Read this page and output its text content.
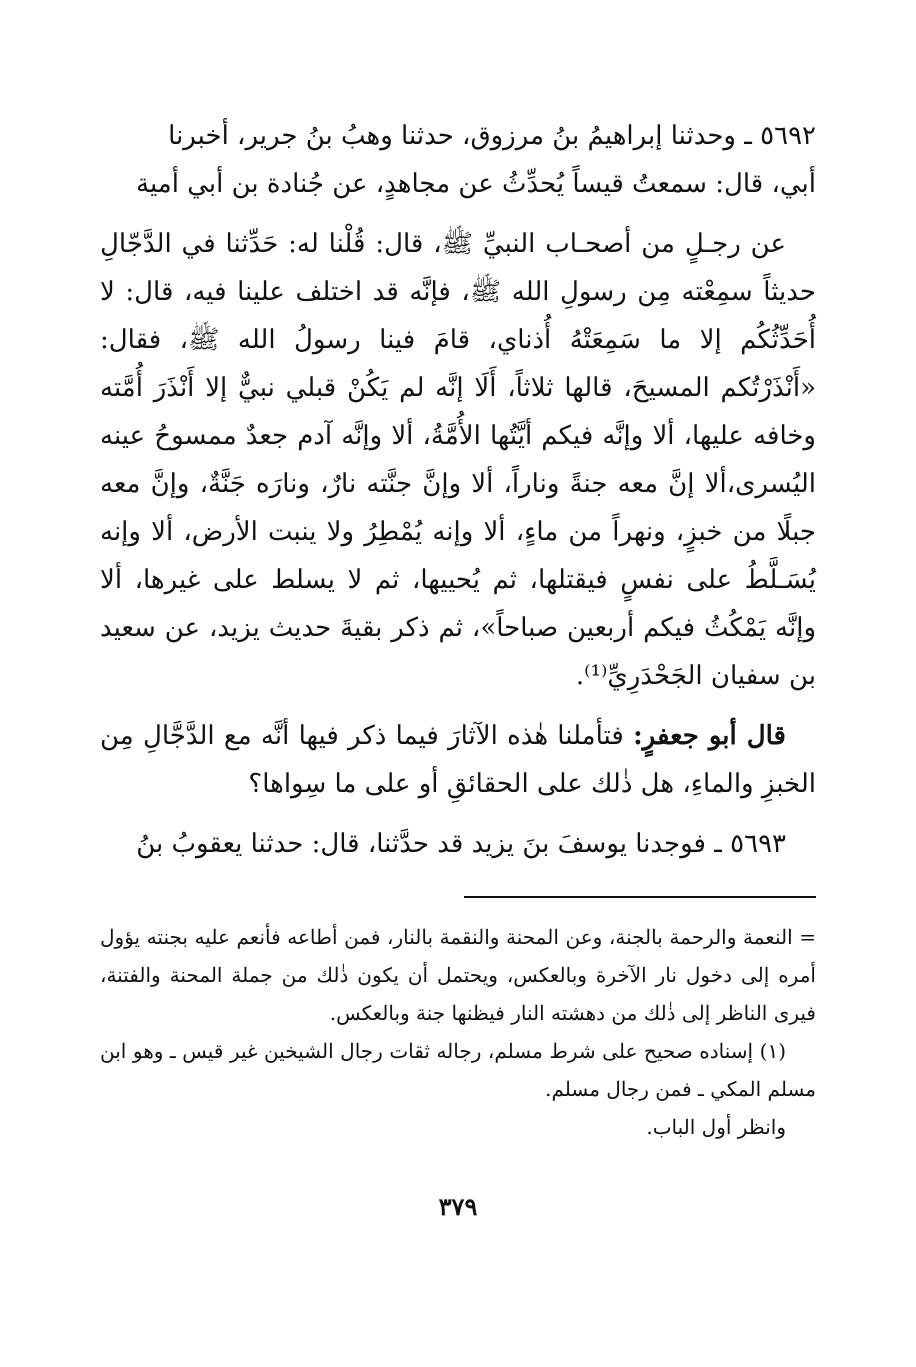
٥٦٩٢ ـ وحدثنا إبراهيمُ بنُ مرزوق، حدثنا وهبُ بنُ جرير، أخبرنا

أبي، قال: سمعتُ قيساً يُحدِّثُ عن مجاهدٍ، عن جُنادة بن أبي أمية

عن رجـلٍ من أصحـاب النبيِّ ﷺ، قال: قُلْنا له: حَدِّثنا في الدَّجّالِ حديثاً سمِعْته مِن رسولِ الله ﷺ، فإنَّه قد اختلف علينا فيه، قال: لا أُحَدِّثُكُم إلا ما سَمِعَتْهُ أُذناي، قامَ فينا رسولُ الله ﷺ، فقال: «أَنْذَرْتُكم المسيحَ، قالها ثلاثاً، أَلَا إنَّه لم يَكُنْ قبلي نبيٌّ إلا أَنْذَرَ أُمَّته وخافه عليها، ألا وإنَّه فيكم أيَّتُها الأُمَّةُ، ألا وإنَّه آدم جعدٌ ممسوحُ عينه اليُسرى،ألا إنَّ معه جنةً وناراً، ألا وإنَّ جنَّته نارٌ، ونارَه جَنَّةٌ، وإنَّ معه جبلًا من خبزٍ، ونهراً من ماءٍ، ألا وإنه يُمْطِرُ ولا ينبت الأرض، ألا وإنه يُسَـلَّطُ على نفسٍ فيقتلها، ثم يُحييها، ثم لا يسلط على غيرها، ألا وإنَّه يَمْكُثُ فيكم أربعين صباحاً»، ثم ذكر بقيةَ حديث يزيد، عن سعيد بن سفيان الجَحْدَرِيِّ⁽¹⁾.

قال أبو جعفرٍ: فتأملنا هٰذه الآثارَ فيما ذكر فيها أنَّه مع الدَّجَّالِ مِن الخبزِ والماءِ، هل ذٰلك على الحقائقِ أو على ما سِواها؟

٥٦٩٣ ـ فوجدنا يوسفَ بنَ يزيد قد حدَّثنا، قال: حدثنا يعقوبُ بنُ

= النعمة والرحمة بالجنة، وعن المحنة والنقمة بالنار، فمن أطاعه فأنعم عليه بجنته يؤول أمره إلى دخول نار الآخرة وبالعكس، ويحتمل أن يكون ذٰلك من جملة المحنة والفتنة، فيرى الناظر إلى ذٰلك من دهشته النار فيظنها جنة وبالعكس.

(١) إسناده صحيح على شرط مسلم، رجاله ثقات رجال الشيخين غير قيس ـ وهو ابن مسلم المكي ـ فمن رجال مسلم.

وانظر أول الباب.

٣٧٩
